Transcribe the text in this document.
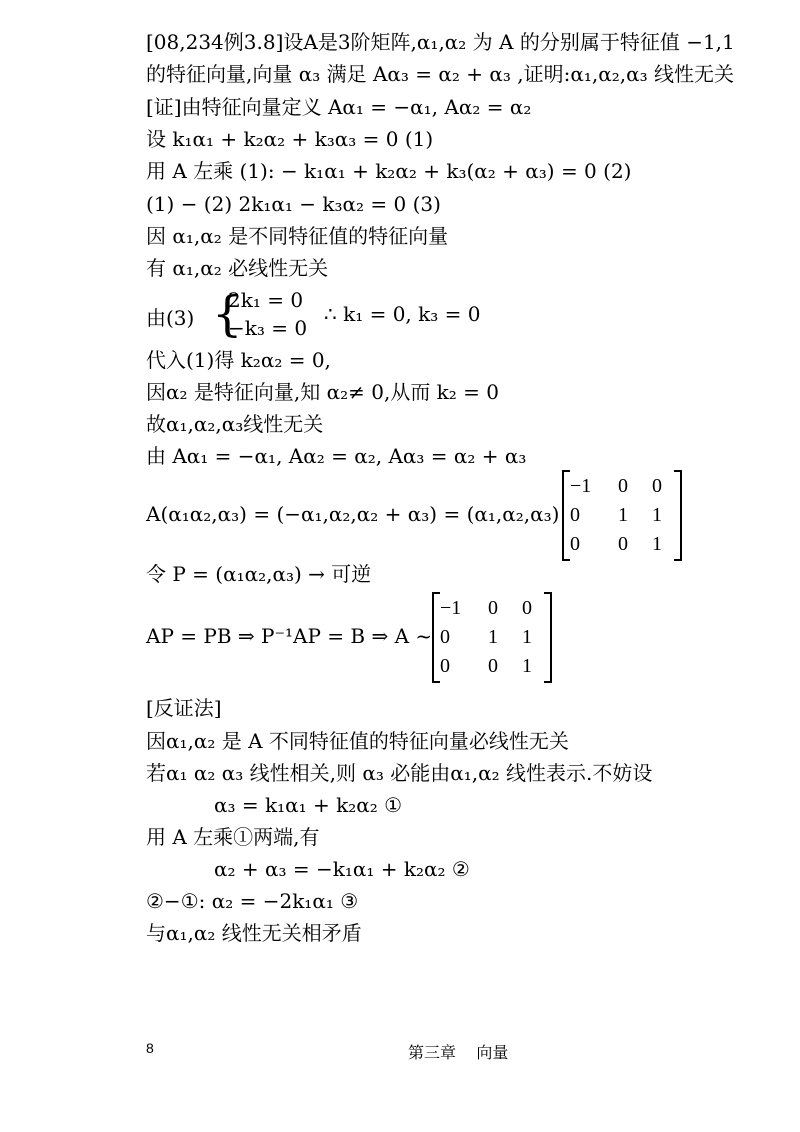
[08,234例3.8]设A是3阶矩阵,α₁,α₂ 为 A 的分别属于特征值 −1,1
的特征向量,向量 α₃ 满足 Aα₃ = α₂ + α₃ ,证明:α₁,α₂,α₃ 线性无关
[证]由特征向量定义 Aα₁ = −α₁, Aα₂ = α₂
设 k₁α₁ + k₂α₂ + k₃α₃ = 0 (1)
用 A 左乘 (1): − k₁α₁ + k₂α₂ + k₃(α₂ + α₃) = 0 (2)
(1) − (2) 2k₁α₁ − k₃α₂ = 0 (3)
因 α₁,α₂ 是不同特征值的特征向量
有 α₁,α₂ 必线性无关
由(3) {
2k₁ = 0
−k₃ = 0
∴ k₁ = 0, k₃ = 0
代入(1)得 k₂α₂ = 0,
因α₂ 是特征向量,知 α₂≠ 0,从而 k₂ = 0
故α₁,α₂,α₃线性无关
由 Aα₁ = −α₁, Aα₂ = α₂, Aα₃ = α₂ + α₃
A(α₁α₂,α₃) = (−α₁,α₂,α₂ + α₃) = (α₁,α₂,α₃)
−1	0	0
0	1	1
0	0	1
令 P = (α₁α₂,α₃) → 可逆
AP = PB ⇒ P⁻¹AP = B ⇒ A ~
−1	0	0
0	1	1
0	0	1
[反证法]
因α₁,α₂ 是 A 不同特征值的特征向量必线性无关
若α₁ α₂ α₃ 线性相关,则 α₃ 必能由α₁,α₂ 线性表示.不妨设
α₃ = k₁α₁ + k₂α₂ ①
用 A 左乘①两端,有
α₂ + α₃ = −k₁α₁ + k₂α₂ ②
②−①: α₂ = −2k₁α₁ ③
与α₁,α₂ 线性无关相矛盾
8	第三章    向量
